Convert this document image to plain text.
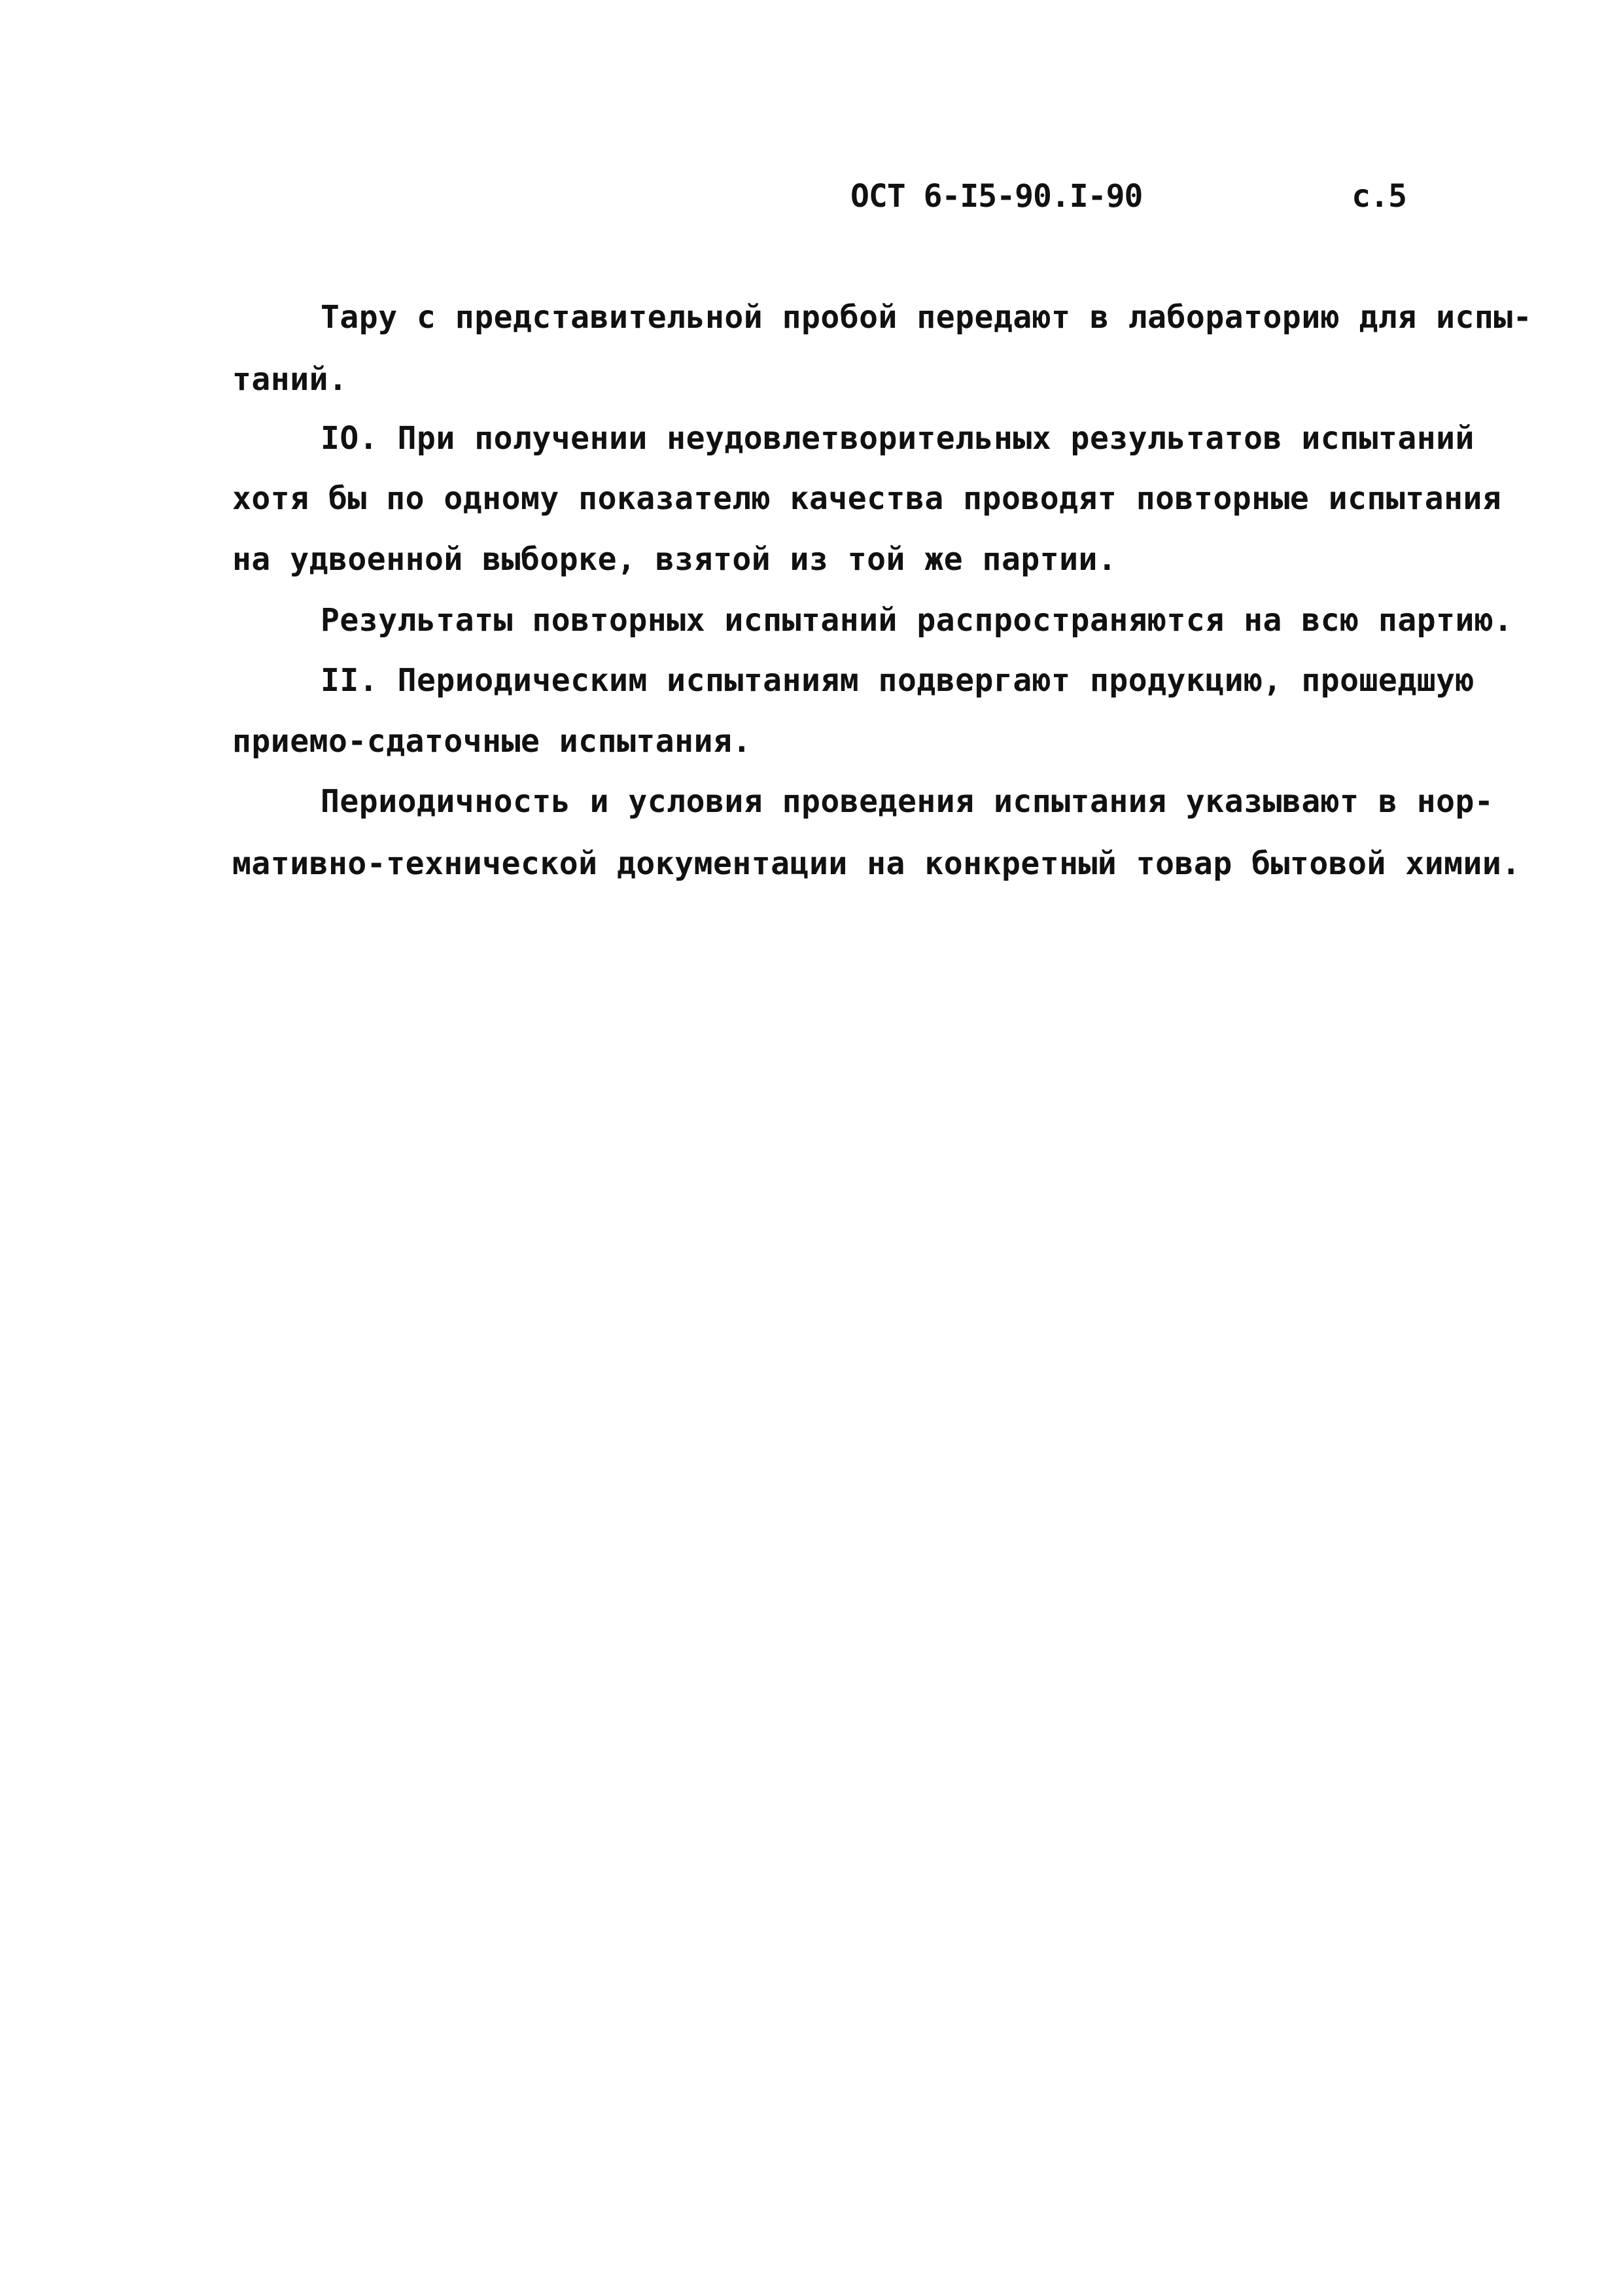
ОСТ 6-I5-90.I-90	с.5
Тару с представительной пробой передают в лабораторию для испы-
таний.
IO. При получении неудовлетворительных результатов испытаний
хотя бы по одному показателю качества проводят повторные испытания
на удвоенной выборке, взятой из той же партии.
Результаты повторных испытаний распространяются на всю партию.
II. Периодическим испытаниям подвергают продукцию, прошедшую
приемо-сдаточные испытания.
Периодичность и условия проведения испытания указывают в нор-
мативно-технической документации на конкретный товар бытовой химии.
